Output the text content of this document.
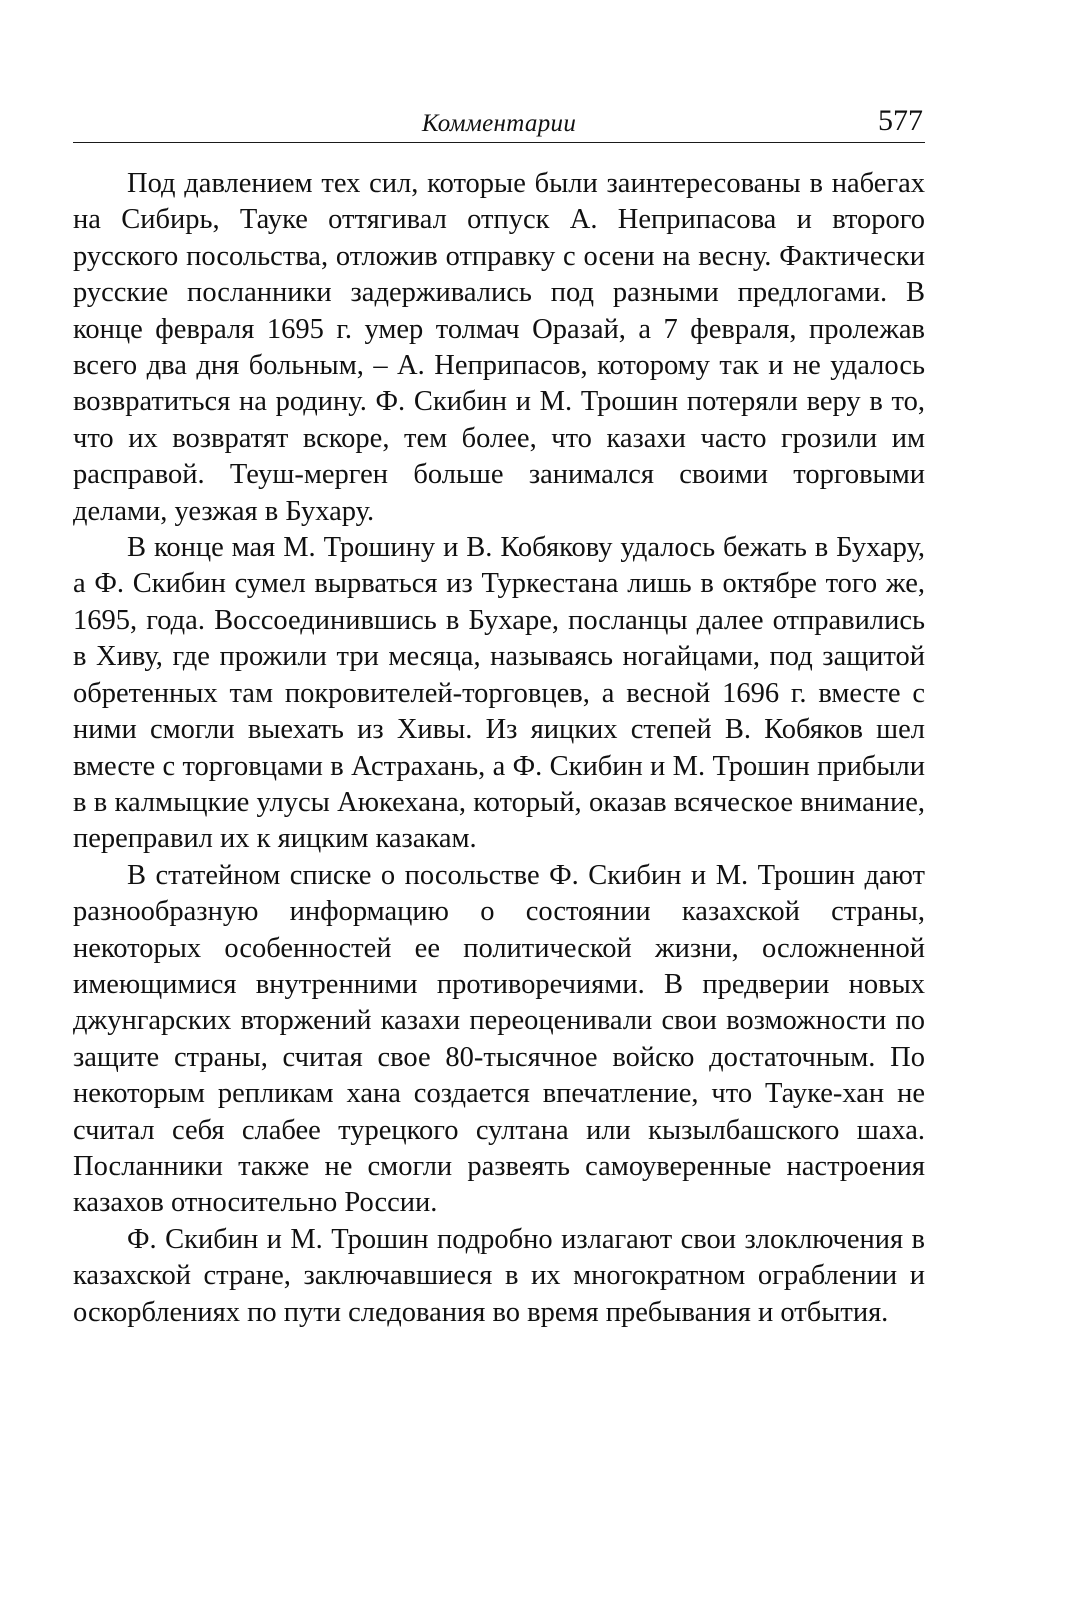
Комментарии	577

Под давлением тех сил, которые были заинтересованы в набегах на Сибирь, Тауке оттягивал отпуск А. Неприпасова и второго русского посольства, отложив отправку с осени на весну. Фактически русские посланники задерживались под разными предлогами. В конце февраля 1695 г. умер толмач Оразай, а 7 февраля, пролежав всего два дня больным, – А. Неприпасов, которому так и не удалось возвратиться на родину. Ф. Скибин и М. Трошин потеряли веру в то, что их возвратят вскоре, тем более, что казахи часто грозили им расправой. Теуш-мерген больше занимался своими торговыми делами, уезжая в Бухару.

В конце мая М. Трошину и В. Кобякову удалось бежать в Бухару, а Ф. Скибин сумел вырваться из Туркестана лишь в октябре того же, 1695, года. Воссоединившись в Бухаре, посланцы далее отправились в Хиву, где прожили три месяца, называясь ногайцами, под защитой обретенных там покровителей-торговцев, а весной 1696 г. вместе с ними смогли выехать из Хивы. Из яицких степей В. Кобяков шел вместе с торговцами в Астрахань, а Ф. Скибин и М. Трошин прибыли в в калмыцкие улусы Аюкехана, который, оказав всяческое внимание, переправил их к яицким казакам.

В статейном списке о посольстве Ф. Скибин и М. Трошин дают разнообразную информацию о состоянии казахской страны, некоторых особенностей ее политической жизни, осложненной имеющимися внутренними противоречиями. В предверии новых джунгарских вторжений казахи переоценивали свои возможности по защите страны, считая свое 80-тысячное войско достаточным. По некоторым репликам хана создается впечатление, что Тауке-хан не считал себя слабее турецкого султана или кызылбашского шаха. Посланники также не смогли развеять самоуверенные настроения казахов относительно России.

Ф. Скибин и М. Трошин подробно излагают свои злоключения в казахской стране, заключавшиеся в их многократном ограблении и оскорблениях по пути следования во время пребывания и отбытия.
